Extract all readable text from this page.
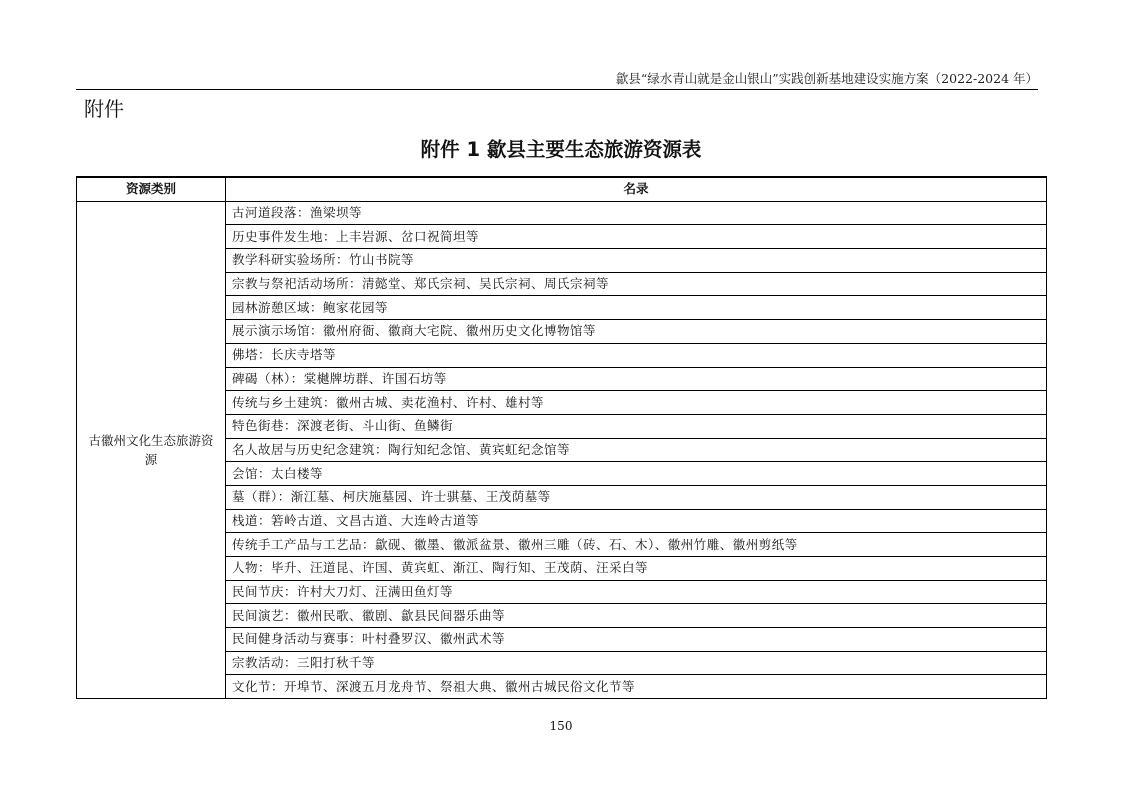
歙县“绿水青山就是金山银山”实践创新基地建设实施方案（2022-2024 年）
附件
附件 1 歙县主要生态旅游资源表
资源类别	名录
古徽州文化生态旅游资源	古河道段落：渔梁坝等
	历史事件发生地：上丰岩源、岔口祝简坦等
	教学科研实验场所：竹山书院等
	宗教与祭祀活动场所：清懿堂、郑氏宗祠、吴氏宗祠、周氏宗祠等
	园林游憩区域：鲍家花园等
	展示演示场馆：徽州府衙、徽商大宅院、徽州历史文化博物馆等
	佛塔：长庆寺塔等
	碑碣（林）：棠樾牌坊群、许国石坊等
	传统与乡土建筑：徽州古城、卖花渔村、许村、雄村等
	特色街巷：深渡老街、斗山街、鱼鳞街
	名人故居与历史纪念建筑：陶行知纪念馆、黄宾虹纪念馆等
	会馆：太白楼等
	墓（群）：渐江墓、柯庆施墓园、许士骐墓、王茂荫墓等
	栈道：箬岭古道、文昌古道、大连岭古道等
	传统手工产品与工艺品：歙砚、徽墨、徽派盆景、徽州三雕（砖、石、木）、徽州竹雕、徽州剪纸等
	人物：毕升、汪道昆、许国、黄宾虹、渐江、陶行知、王茂荫、汪采白等
	民间节庆：许村大刀灯、汪满田鱼灯等
	民间演艺：徽州民歌、徽剧、歙县民间器乐曲等
	民间健身活动与赛事：叶村叠罗汉、徽州武术等
	宗教活动：三阳打秋千等
	文化节：开埠节、深渡五月龙舟节、祭祖大典、徽州古城民俗文化节等
150
